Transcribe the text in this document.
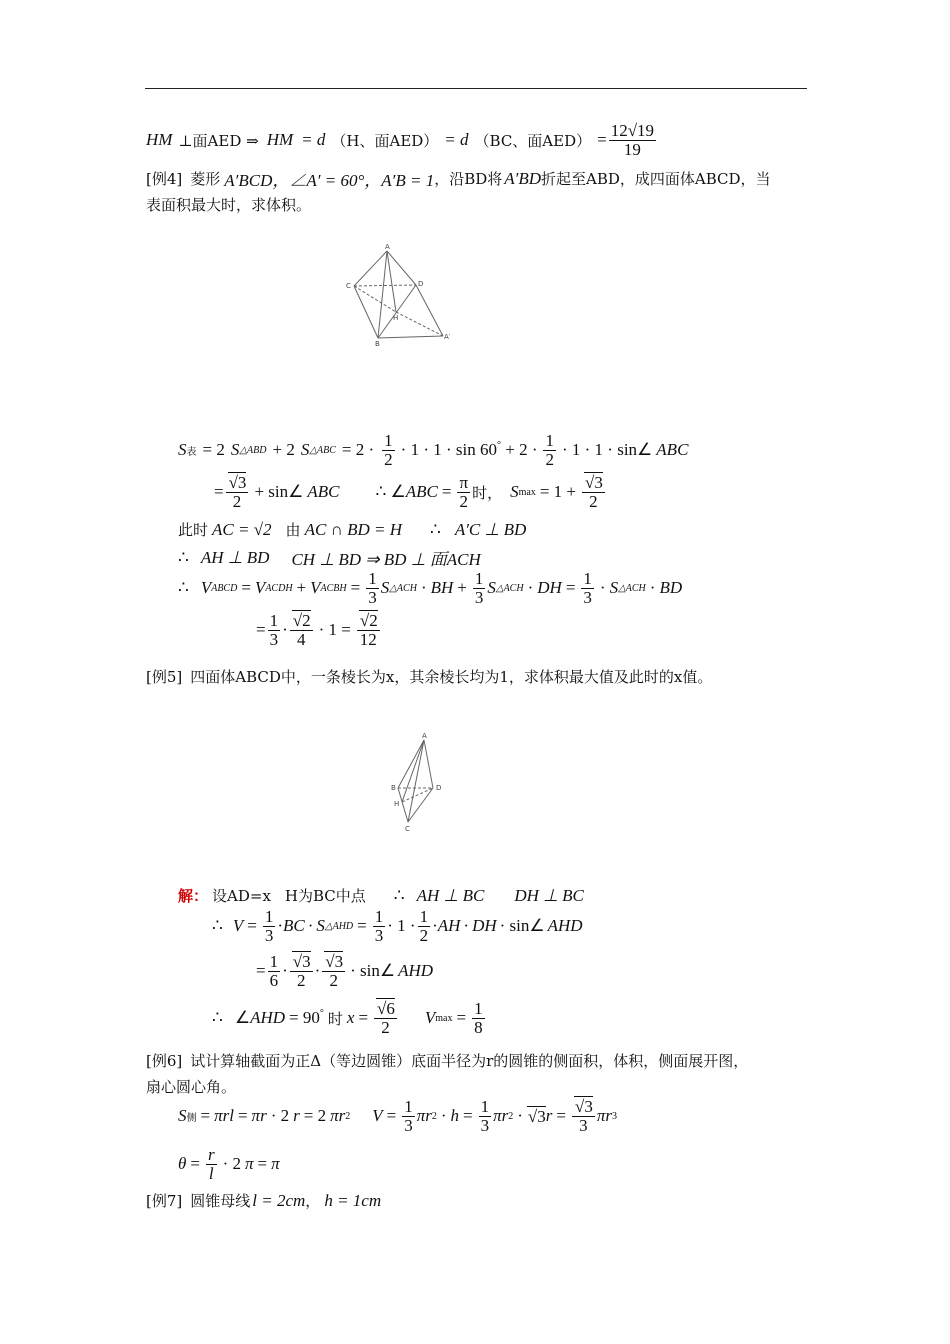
HM ⊥面AED ⇒ HM = d （H、面AED） = d （BC、面$AED) = \frac{12√19}{19}$
[例4] 菱形 A′BCD，∠A′ = 60°，A′B = 1 ，沿BD将 A′BD 折起至ABD，成四面体ABCD，当
表面积最大时，求体积。
A
C	D
H
B
A′
S 表 = 2 S △ABD + 2 S △ABC = $2 \cdot \frac{1}{2} \cdot 1 \cdot 1 \cdot \sin 60^\circ + 2 \cdot \frac{1}{2} \cdot 1 \cdot 1$ · sin∠ ABC
= $\frac{√3}{2}$ + sin∠ ABC ∴ ∠ ABC = $\frac{\pi}{2}$ 时， S $\max = 1 + \frac{√3}{2}$
此时 AC = √2 由 AC ∩ BD = H ∴ A′C ⊥ BD
∴ AH ⊥ BD CH ⊥ BD ⇒ BD ⊥ 面ACH
∴ V ABCD = V ACDH + V ACBH = $\frac{1}{3}$ S △ACH · BH + $\frac{1}{3}$ S △ACH · DH = $\frac{1}{3} \cdot S$ △ACH · BD
= $\frac{1}{3} \cdot \frac{√2}{4} \cdot 1 = \frac{√2}{12}$
[例5] 四面体ABCD中，一条棱长为x，其余棱长均为1，求体积最大值及此时的x值。
A
B	D
H
C
解： 设AD=x H为BC中点 ∴ AH ⊥ BC DH ⊥ BC
∴ $V = \frac{1}{3}$ · BC · S △AHD = $\frac{1}{3} \cdot 1 \cdot \frac{1}{2}$ · AH · DH · sin∠ AHD
= $\frac{1}{6} \cdot \frac{√3}{2} \cdot \frac{√3}{2}$ · sin∠ AHD
∴ ∠ AHD = 90° 时 $x = \frac{√6}{2}$ V $\max = \frac{1}{8}$
[例6] 试计算轴截面为正Δ（等边圆锥）底面半径为r的圆锥的侧面积，体积，侧面展开图，
扇心圆心角。
S 侧 = πrl = πr · 2 r = 2 πr 2 $V = \frac{1}{3}$ πr $2 \cdot h = \frac{1}{3}$ πr 2 · √3 $r = \frac{√3}{3}$ πr 3
$\theta = \frac{r}{l} \cdot 2$ π = π
[例7] 圆锥母线 l = 2cm ， h = 1cm
